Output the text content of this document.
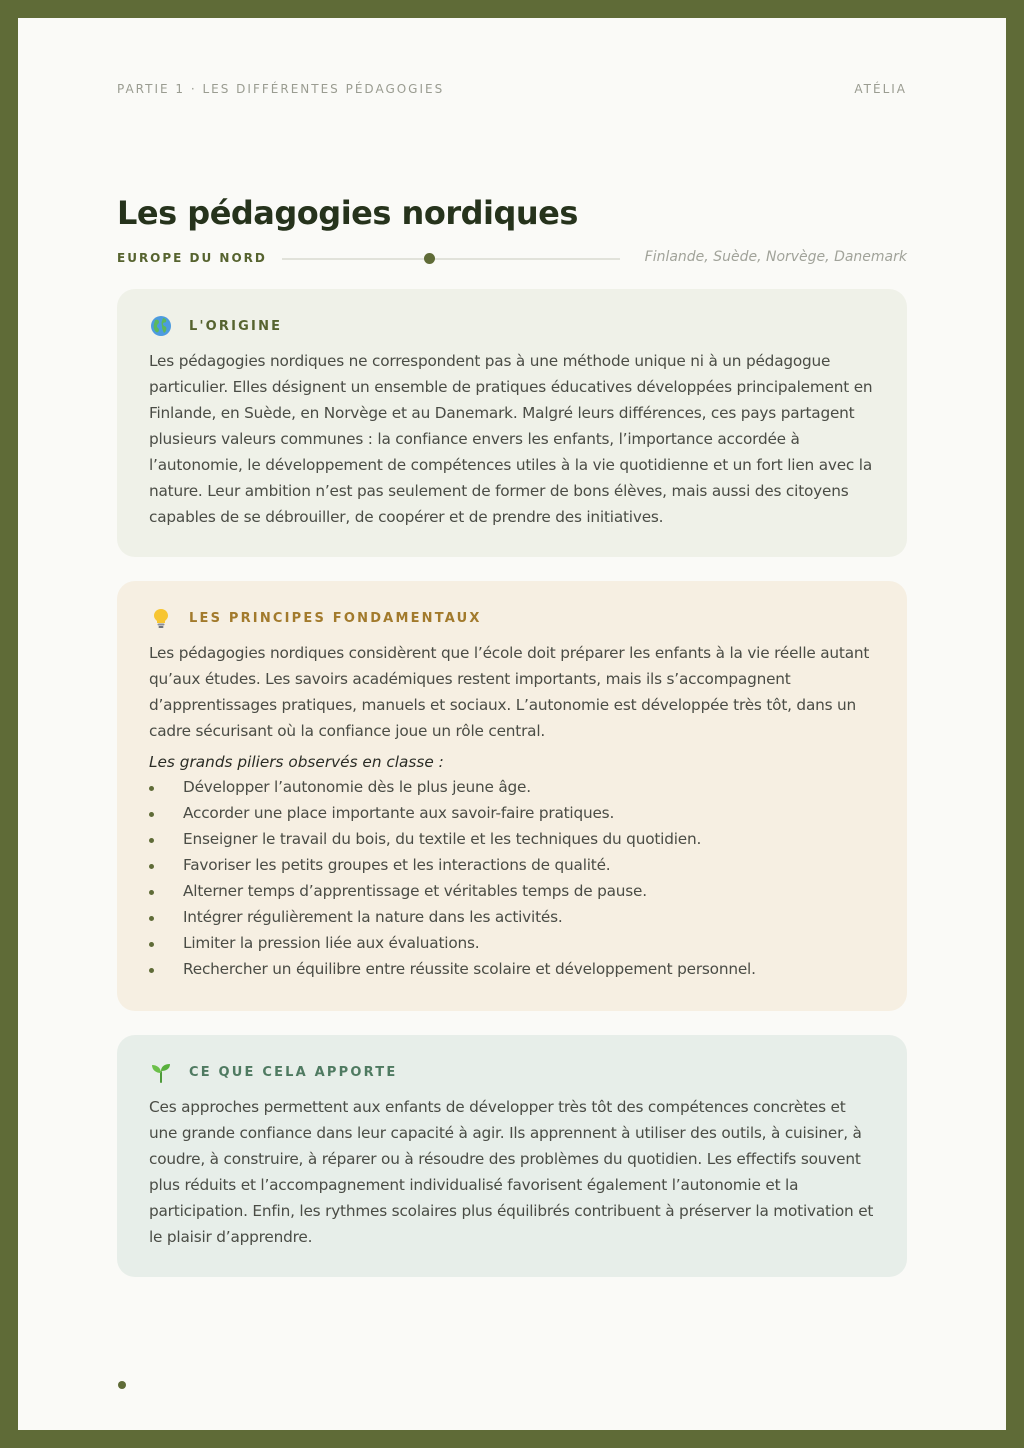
PARTIE 1 · LES DIFFÉRENTES PÉDAGOGIES	ATÉLIA
Les pédagogies nordiques
EUROPE DU NORD	Finlande, Suède, Norvège, Danemark
L'ORIGINE

Les pédagogies nordiques ne correspondent pas à une méthode unique ni à un pédagogue particulier. Elles désignent un ensemble de pratiques éducatives développées principalement en Finlande, en Suède, en Norvège et au Danemark. Malgré leurs différences, ces pays partagent plusieurs valeurs communes : la confiance envers les enfants, l’importance accordée à l’autonomie, le développement de compétences utiles à la vie quotidienne et un fort lien avec la nature. Leur ambition n’est pas seulement de former de bons élèves, mais aussi des citoyens capables de se débrouiller, de coopérer et de prendre des initiatives.

LES PRINCIPES FONDAMENTAUX

Les pédagogies nordiques considèrent que l’école doit préparer les enfants à la vie réelle autant qu’aux études. Les savoirs académiques restent importants, mais ils s’accompagnent d’apprentissages pratiques, manuels et sociaux. L’autonomie est développée très tôt, dans un cadre sécurisant où la confiance joue un rôle central.

Les grands piliers observés en classe :

Développer l’autonomie dès le plus jeune âge.
Accorder une place importante aux savoir-faire pratiques.
Enseigner le travail du bois, du textile et les techniques du quotidien.
Favoriser les petits groupes et les interactions de qualité.
Alterner temps d’apprentissage et véritables temps de pause.
Intégrer régulièrement la nature dans les activités.
Limiter la pression liée aux évaluations.
Rechercher un équilibre entre réussite scolaire et développement personnel.
CE QUE CELA APPORTE

Ces approches permettent aux enfants de développer très tôt des compétences concrètes et une grande confiance dans leur capacité à agir. Ils apprennent à utiliser des outils, à cuisiner, à coudre, à construire, à réparer ou à résoudre des problèmes du quotidien. Les effectifs souvent plus réduits et l’accompagnement individualisé favorisent également l’autonomie et la participation. Enfin, les rythmes scolaires plus équilibrés contribuent à préserver la motivation et le plaisir d’apprendre.
